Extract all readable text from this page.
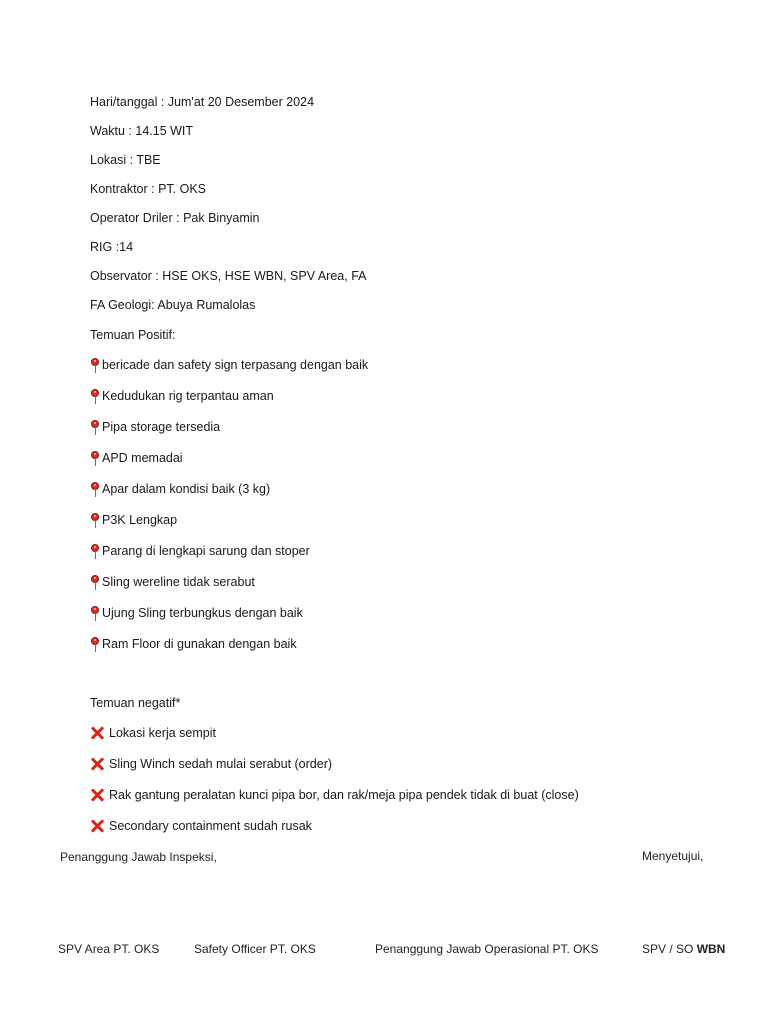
Hari/tanggal : Jum'at 20 Desember 2024
Waktu : 14.15 WIT
Lokasi : TBE
Kontraktor : PT. OKS
Operator Driler : Pak Binyamin
RIG :14
Observator : HSE OKS, HSE WBN, SPV Area, FA
FA Geologi: Abuya Rumalolas
Temuan Positif:
bericade dan safety sign terpasang dengan baik
Kedudukan rig terpantau aman
Pipa storage tersedia
APD memadai
Apar dalam kondisi baik (3 kg)
P3K Lengkap
Parang di lengkapi sarung dan stoper
Sling wereline tidak serabut
Ujung Sling terbungkus dengan baik
Ram Floor di gunakan dengan baik
Temuan negatif*
Lokasi kerja sempit
Sling Winch sedah mulai serabut (order)
Rak gantung peralatan kunci pipa bor, dan rak/meja pipa pendek tidak di buat (close)
Secondary containment sudah rusak
Penanggung Jawab Inspeksi,	Menyetujui,
SPV Area PT. OKS	Safety Officer PT. OKS	Penanggung Jawab Operasional PT. OKS	SPV / SO WBN
